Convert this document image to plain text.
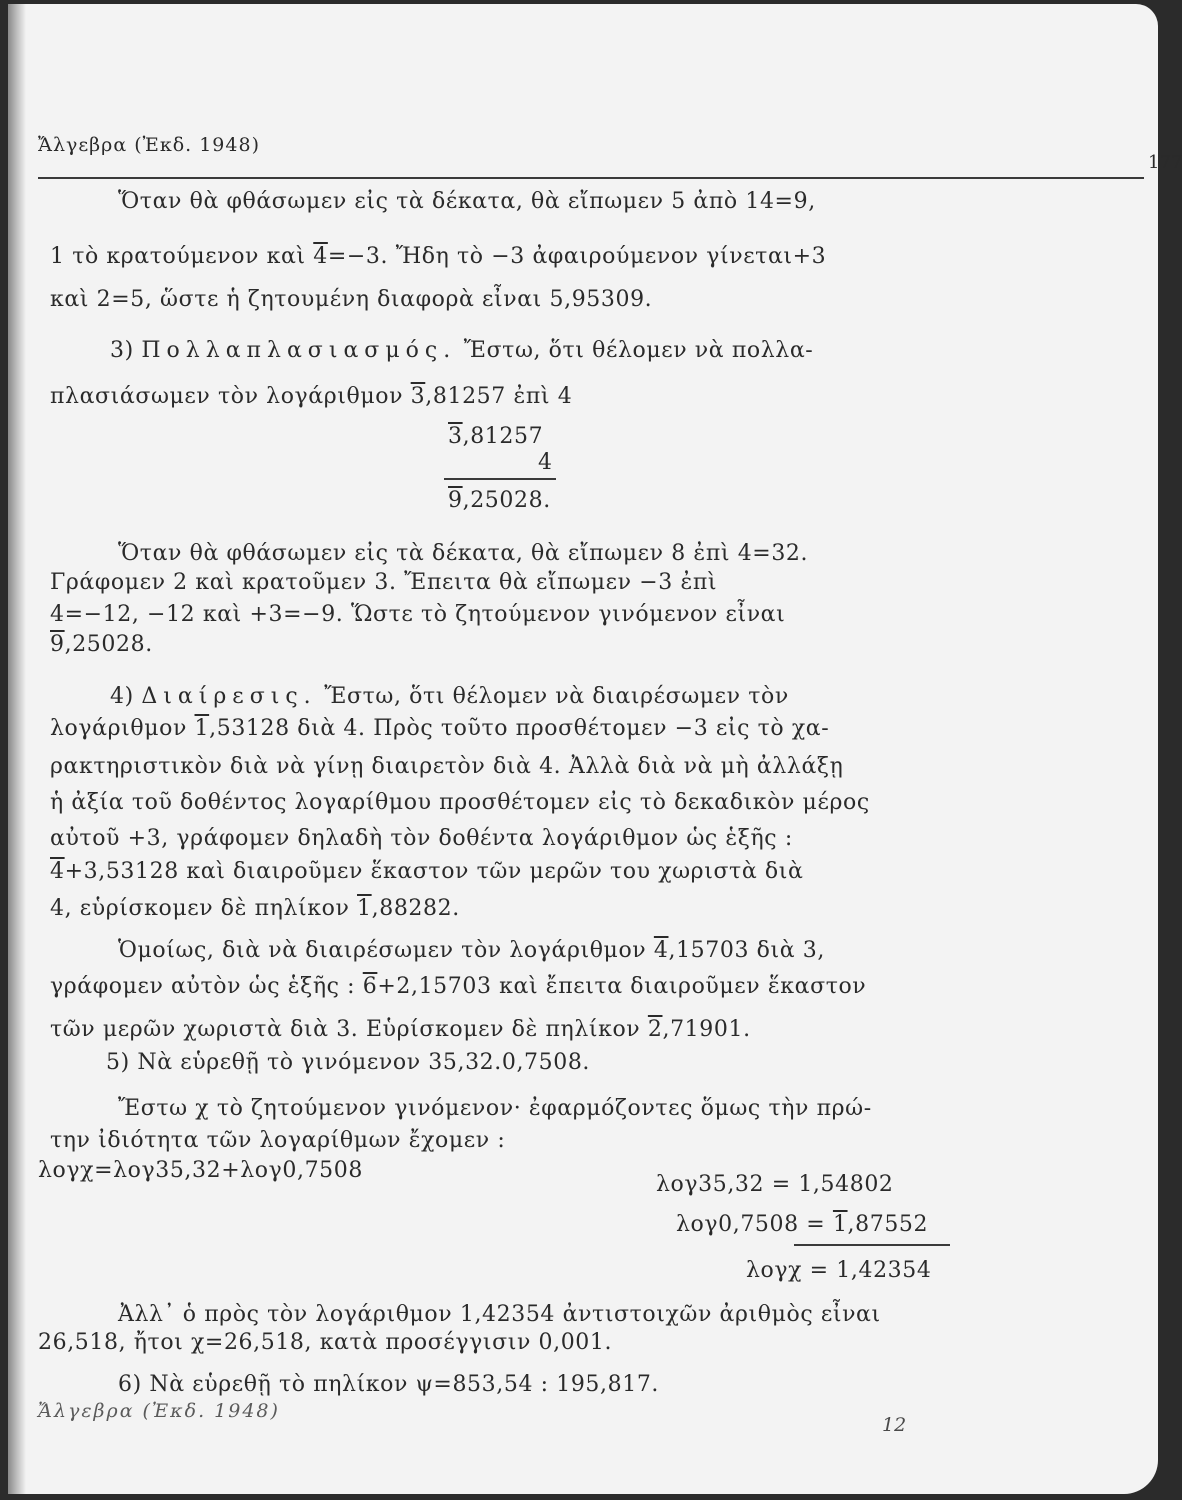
Ἄλγεβρα (Ἐκδ. 1948)
177
Ὅταν θὰ φθάσωμεν εἰς τὰ δέκατα, θὰ εἴπωμεν 5 ἀπὸ 14=9,
1 τὸ κρατούμενον καὶ 4=−3. Ἤδη τὸ −3 ἀφαιρούμενον γίνεται+3
καὶ 2=5, ὥστε ἡ ζητουμένη διαφορὰ εἶναι 5,95309.
3) Πολλαπλασιασμός. Ἔστω, ὅτι θέλομεν νὰ πολλα-
πλασιάσωμεν τὸν λογάριθμον 3,81257 ἐπὶ 4
3,81257
4
9,25028.
Ὅταν θὰ φθάσωμεν εἰς τὰ δέκατα, θὰ εἴπωμεν 8 ἐπὶ 4=32.
Γράφομεν 2 καὶ κρατοῦμεν 3. Ἔπειτα θὰ εἴπωμεν −3 ἐπὶ
4=−12, −12 καὶ +3=−9. Ὥστε τὸ ζητούμενον γινόμενον εἶναι
9,25028.
4) Διαίρεσις. Ἔστω, ὅτι θέλομεν νὰ διαιρέσωμεν τὸν
λογάριθμον 1,53128 διὰ 4. Πρὸς τοῦτο προσθέτομεν −3 εἰς τὸ χα-
ρακτηριστικὸν διὰ νὰ γίνῃ διαιρετὸν διὰ 4. Ἀλλὰ διὰ νὰ μὴ ἀλλάξῃ
ἡ ἀξία τοῦ δοθέντος λογαρίθμου προσθέτομεν εἰς τὸ δεκαδικὸν μέρος
αὐτοῦ +3, γράφομεν δηλαδὴ τὸν δοθέντα λογάριθμον ὡς ἑξῆς :
4+3,53128 καὶ διαιροῦμεν ἕκαστον τῶν μερῶν του χωριστὰ διὰ
4, εὑρίσκομεν δὲ πηλίκον 1,88282.
Ὁμοίως, διὰ νὰ διαιρέσωμεν τὸν λογάριθμον 4,15703 διὰ 3,
γράφομεν αὐτὸν ὡς ἑξῆς : 6+2,15703 καὶ ἔπειτα διαιροῦμεν ἕκαστον
τῶν μερῶν χωριστὰ διὰ 3. Εὑρίσκομεν δὲ πηλίκον 2,71901.
5) Νὰ εὑρεθῇ τὸ γινόμενον 35,32.0,7508.
Ἔστω χ τὸ ζητούμενον γινόμενον· ἐφαρμόζοντες ὅμως τὴν πρώ-
την ἰδιότητα τῶν λογαρίθμων ἔχομεν :
λογχ=λογ35,32+λογ0,7508
λογ35,32 = 1,54802
λογ0,7508 = 1,87552
λογχ = 1,42354
Ἀλλ᾽ ὁ πρὸς τὸν λογάριθμον 1,42354 ἀντιστοιχῶν ἀριθμὸς εἶναι
26,518, ἤτοι χ=26,518, κατὰ προσέγγισιν 0,001.
6) Νὰ εὑρεθῇ τὸ πηλίκον ψ=853,54 : 195,817.
Ἄλγεβρα (Ἐκδ. 1948)
12
